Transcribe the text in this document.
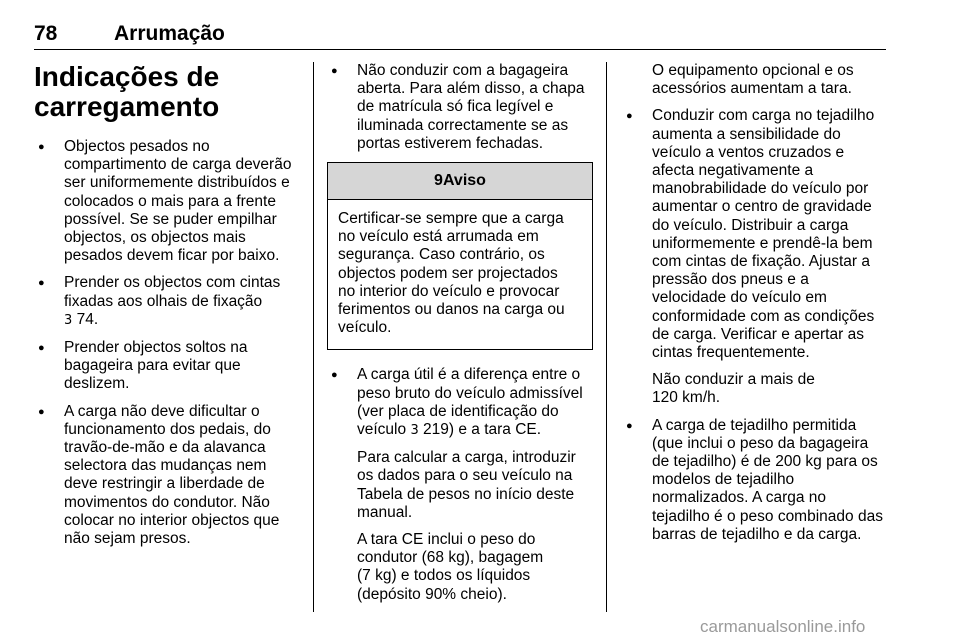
78	Arrumação
Indicações de
carregamento
● Objectos pesados no
compartimento de carga deverão
ser uniformemente distribuídos e
colocados o mais para a frente
possível. Se se puder empilhar
objectos, os objectos mais
pesados devem ficar por baixo.
● Prender os objectos com cintas
fixadas aos olhais de fixação
3 74.
● Prender objectos soltos na
bagageira para evitar que
deslizem.
● A carga não deve dificultar o
funcionamento dos pedais, do
travão-de-mão e da alavanca
selectora das mudanças nem
deve restringir a liberdade de
movimentos do condutor. Não
colocar no interior objectos que
não sejam presos.
● Não conduzir com a bagageira
aberta. Para além disso, a chapa
de matrícula só fica legível e
iluminada correctamente se as
portas estiverem fechadas.
9Aviso
Certificar-se sempre que a carga
no veículo está arrumada em
segurança. Caso contrário, os
objectos podem ser projectados
no interior do veículo e provocar
ferimentos ou danos na carga ou
veículo.
● A carga útil é a diferença entre o
peso bruto do veículo admissível
(ver placa de identificação do
veículo 3 219) e a tara CE.
Para calcular a carga, introduzir
os dados para o seu veículo na
Tabela de pesos no início deste
manual.
A tara CE inclui o peso do
condutor (68 kg), bagagem
(7 kg) e todos os líquidos
(depósito 90% cheio).
O equipamento opcional e os
acessórios aumentam a tara.
● Conduzir com carga no tejadilho
aumenta a sensibilidade do
veículo a ventos cruzados e
afecta negativamente a
manobrabilidade do veículo por
aumentar o centro de gravidade
do veículo. Distribuir a carga
uniformemente e prendê-la bem
com cintas de fixação. Ajustar a
pressão dos pneus e a
velocidade do veículo em
conformidade com as condições
de carga. Verificar e apertar as
cintas frequentemente.
Não conduzir a mais de
120 km/h.
● A carga de tejadilho permitida
(que inclui o peso da bagageira
de tejadilho) é de 200 kg para os
modelos de tejadilho
normalizados. A carga no
tejadilho é o peso combinado das
barras de tejadilho e da carga.
carmanualsonline.info
